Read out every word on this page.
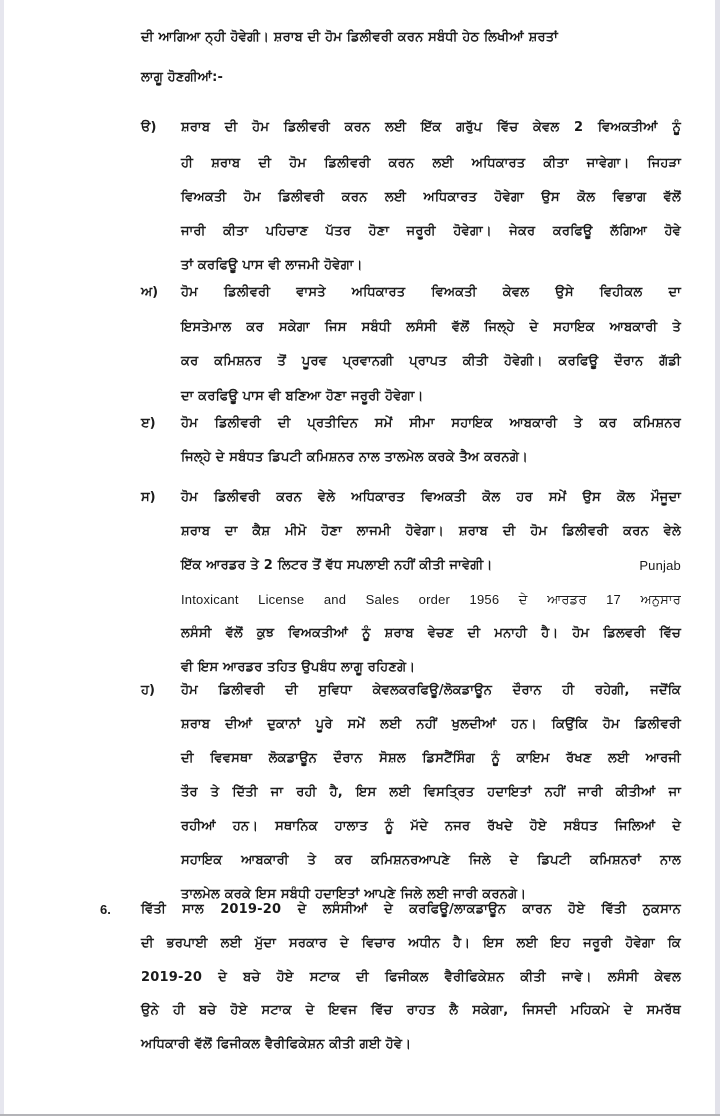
ਦੀ ਆਗਿਆ ਨ੍ਹੀ ਹੋਵੇਗੀ। ਸ਼ਰਾਬ ਦੀ ਹੋਮ ਡਿਲੀਵਰੀ ਕਰਨ ਸਬੰਧੀ ਹੇਠ ਲਿਖੀਆਂ ਸ਼ਰਤਾਂ
ਲਾਗੂ ਹੋਣਗੀਆਂ:-
ੳ) ਸ਼ਰਾਬ ਦੀ ਹੋਮ ਡਿਲੀਵਰੀ ਕਰਨ ਲਈ ਇੱਕ ਗਰੁੱਪ ਵਿੱਚ ਕੇਵਲ 2 ਵਿਅਕਤੀਆਂ ਨੂੰ
ਹੀ ਸ਼ਰਾਬ ਦੀ ਹੋਮ ਡਿਲੀਵਰੀ ਕਰਨ ਲਈ ਅਧਿਕਾਰਤ ਕੀਤਾ ਜਾਵੇਗਾ। ਜਿਹੜਾ
ਵਿਅਕਤੀ ਹੋਮ ਡਿਲੀਵਰੀ ਕਰਨ ਲਈ ਅਧਿਕਾਰਤ ਹੋਵੇਗਾ ਉਸ ਕੋਲ ਵਿਭਾਗ ਵੱਲੋਂ
ਜਾਰੀ ਕੀਤਾ ਪਹਿਚਾਣ ਪੱਤਰ ਹੋਣਾ ਜਰੂਰੀ ਹੋਵੇਗਾ। ਜੇਕਰ ਕਰਫਿਊ ਲੱਗਿਆ ਹੋਵੇ
ਤਾਂ ਕਰਫਿਊ ਪਾਸ ਵੀ ਲਾਜਮੀ ਹੋਵੇਗਾ।
ਅ) ਹੋਮ ਡਿਲੀਵਰੀ ਵਾਸਤੇ ਅਧਿਕਾਰਤ ਵਿਅਕਤੀ ਕੇਵਲ ਉਸੇ ਵਿਹੀਕਲ ਦਾ
ਇਸਤੇਮਾਲ ਕਰ ਸਕੇਗਾ ਜਿਸ ਸਬੰਧੀ ਲਸੰਸੀ ਵੱਲੋਂ ਜਿਲ੍ਹੇ ਦੇ ਸਹਾਇਕ ਆਬਕਾਰੀ ਤੇ
ਕਰ ਕਮਿਸ਼ਨਰ ਤੋਂ ਪੂਰਵ ਪ੍ਰਵਾਨਗੀ ਪ੍ਰਾਪਤ ਕੀਤੀ ਹੋਵੇਗੀ। ਕਰਫਿਊ ਦੌਰਾਨ ਗੱਡੀ
ਦਾ ਕਰਫਿਊ ਪਾਸ ਵੀ ਬਣਿਆ ਹੋਣਾ ਜਰੂਰੀ ਹੋਵੇਗਾ।
ੲ) ਹੋਮ ਡਿਲੀਵਰੀ ਦੀ ਪ੍ਰਤੀਦਿਨ ਸਮੇਂ ਸੀਮਾ ਸਹਾਇਕ ਆਬਕਾਰੀ ਤੇ ਕਰ ਕਮਿਸ਼ਨਰ
ਜਿਲ੍ਹੇ ਦੇ ਸਬੰਧਤ ਡਿਪਟੀ ਕਮਿਸ਼ਨਰ ਨਾਲ ਤਾਲਮੇਲ ਕਰਕੇ ਤੈਅ ਕਰਨਗੇ।
ਸ) ਹੋਮ ਡਿਲੀਵਰੀ ਕਰਨ ਵੇਲੇ ਅਧਿਕਾਰਤ ਵਿਅਕਤੀ ਕੋਲ ਹਰ ਸਮੇਂ ਉਸ ਕੋਲ ਮੌਜੂਦਾ
ਸ਼ਰਾਬ ਦਾ ਕੈਸ਼ ਮੀਮੋ ਹੋਣਾ ਲਾਜਮੀ ਹੋਵੇਗਾ। ਸ਼ਰਾਬ ਦੀ ਹੋਮ ਡਿਲੀਵਰੀ ਕਰਨ ਵੇਲੇ
ਇੱਕ ਆਰਡਰ ਤੇ 2 ਲਿਟਰ ਤੋਂ ਵੱਧ ਸਪਲਾਈ ਨਹੀਂ ਕੀਤੀ ਜਾਵੇਗੀ।	Punjab
Intoxicant License and Sales order 1956 ਦੇ ਆਰਡਰ 17 ਅਨੁਸਾਰ
ਲਸੰਸੀ ਵੱਲੋਂ ਕੁਝ ਵਿਅਕਤੀਆਂ ਨੂੰ ਸ਼ਰਾਬ ਵੇਚਣ ਦੀ ਮਨਾਹੀ ਹੈ। ਹੋਮ ਡਿਲਵਰੀ ਵਿੱਚ
ਵੀ ਇਸ ਆਰਡਰ ਤਹਿਤ ਉਪਬੰਧ ਲਾਗੂ ਰਹਿਣਗੇ।
ਹ) ਹੋਮ ਡਿਲੀਵਰੀ ਦੀ ਸੁਵਿਧਾ ਕੇਵਲਕਰਫਿਊ/ਲੋਕਡਾਊਨ ਦੌਰਾਨ ਹੀ ਰਹੇਗੀ, ਜਦੋਂਕਿ
ਸ਼ਰਾਬ ਦੀਆਂ ਦੁਕਾਨਾਂ ਪੂਰੇ ਸਮੇਂ ਲਈ ਨਹੀਂ ਖੁਲਦੀਆਂ ਹਨ। ਕਿਉਂਕਿ ਹੋਮ ਡਿਲੀਵਰੀ
ਦੀ ਵਿਵਸਥਾ ਲੋਕਡਾਊਨ ਦੌਰਾਨ ਸੋਸ਼ਲ ਡਿਸਟੈਂਸਿੰਗ ਨੂੰ ਕਾਇਮ ਰੱਖਣ ਲਈ ਆਰਜੀ
ਤੌਰ ਤੇ ਦਿੱਤੀ ਜਾ ਰਹੀ ਹੈ, ਇਸ ਲਈ ਵਿਸਤ੍ਰਿਤ ਹਦਾਇਤਾਂ ਨਹੀਂ ਜਾਰੀ ਕੀਤੀਆਂ ਜਾ
ਰਹੀਆਂ ਹਨ। ਸਥਾਨਿਕ ਹਾਲਾਤ ਨੂੰ ਮੱਦੇ ਨਜਰ ਰੱਖਦੇ ਹੋਏ ਸਬੰਧਤ ਜਿਲਿਆਂ ਦੇ
ਸਹਾਇਕ ਆਬਕਾਰੀ ਤੇ ਕਰ ਕਮਿਸ਼ਨਰਆਪਣੇ ਜਿਲੇ ਦੇ ਡਿਪਟੀ ਕਮਿਸ਼ਨਰਾਂ ਨਾਲ
ਤਾਲਮੇਲ ਕਰਕੇ ਇਸ ਸਬੰਧੀ ਹਦਾਇਤਾਂ ਆਪਣੇ ਜਿਲੇ ਲਈ ਜਾਰੀ ਕਰਨਗੇ।
6. ਵਿੱਤੀ ਸਾਲ 2019-20 ਦੇ ਲਸੰਸੀਆਂ ਦੇ ਕਰਫਿਊ/ਲਾਕਡਾਊਨ ਕਾਰਨ ਹੋਏ ਵਿੱਤੀ ਨੁਕਸਾਨ
ਦੀ ਭਰਪਾਈ ਲਈ ਮੁੱਦਾ ਸਰਕਾਰ ਦੇ ਵਿਚਾਰ ਅਧੀਨ ਹੈ। ਇਸ ਲਈ ਇਹ ਜਰੂਰੀ ਹੋਵੇਗਾ ਕਿ
2019-20 ਦੇ ਬਚੇ ਹੋਏ ਸਟਾਕ ਦੀ ਫਿਜੀਕਲ ਵੈਰੀਫਿਕੇਸ਼ਨ ਕੀਤੀ ਜਾਵੇ। ਲਸੰਸੀ ਕੇਵਲ
ਉਨੇ ਹੀ ਬਚੇ ਹੋਏ ਸਟਾਕ ਦੇ ਇਵਜ ਵਿੱਚ ਰਾਹਤ ਲੈ ਸਕੇਗਾ, ਜਿਸਦੀ ਮਹਿਕਮੇ ਦੇ ਸਮਰੱਥ
ਅਧਿਕਾਰੀ ਵੱਲੋਂ ਫਿਜੀਕਲ ਵੈਰੀਫਿਕੇਸ਼ਨ ਕੀਤੀ ਗਈ ਹੋਵੇ।
